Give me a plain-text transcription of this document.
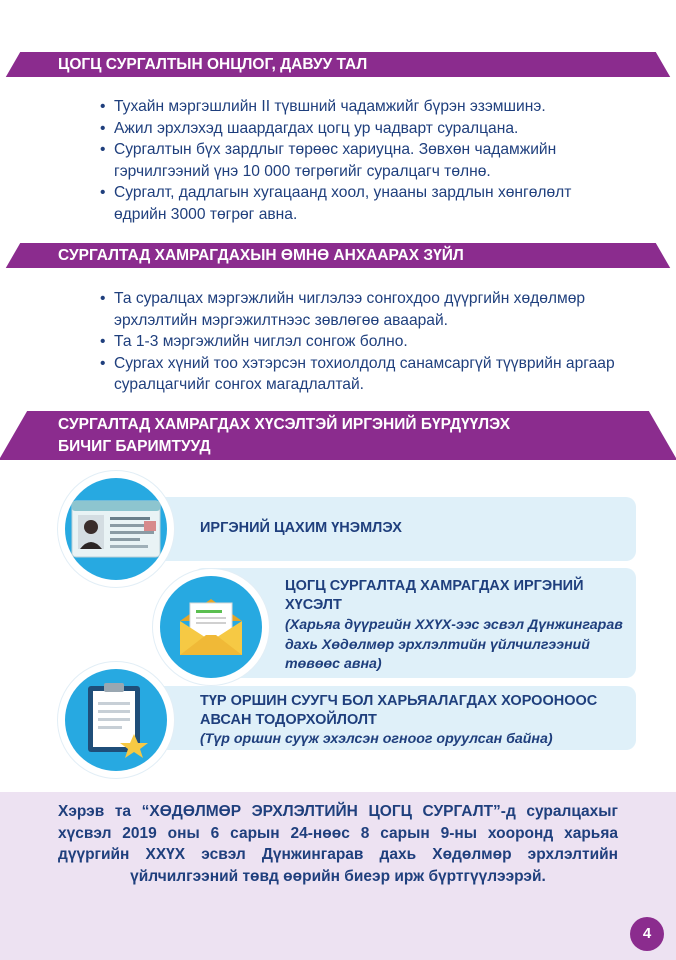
ЦОГЦ СУРГАЛТЫН ОНЦЛОГ, ДАВУУ ТАЛ
• Тухайн мэргэшлийн II түвшний чадамжийг бүрэн эзэмшинэ.
• Ажил эрхлэхэд шаардагдах цогц ур чадварт суралцана.
• Сургалтын бүх зардлыг төрөөс хариуцна. Зөвхөн чадамжийн гэрчилгээний үнэ 10 000 төгрөгийг суралцагч төлнө.
• Сургалт, дадлагын хугацаанд хоол, унааны зардлын хөнгөлөлт өдрийн 3000 төгрөг авна.
СУРГАЛТАД ХАМРАГДАХЫН ӨМНӨ АНХААРАХ ЗҮЙЛ
• Та суралцах мэргэжлийн чиглэлээ сонгохдоо дүүргийн хөдөлмөр эрхлэлтийн мэргэжилтнээс зөвлөгөө аваарай.
• Та 1-3 мэргэжлийн чиглэл сонгож болно.
• Сургах хүний тоо хэтэрсэн тохиолдолд санамсаргүй түүврийн аргаар суралцагчийг сонгох магадлалтай.
СУРГАЛТАД ХАМРАГДАХ ХҮСЭЛТЭЙ ИРГЭНИЙ БҮРДҮҮЛЭХ
БИЧИГ БАРИМТУУД
ИРГЭНИЙ ЦАХИМ ҮНЭМЛЭХ
ЦОГЦ СУРГАЛТАД ХАМРАГДАХ ИРГЭНИЙ ХҮСЭЛТ
(Харьяа дүүргийн ХХҮХ-ээс эсвэл Дүнжингарав дахь Хөдөлмөр эрхлэлтийн үйлчилгээний төвөөс авна)
ТҮР ОРШИН СУУГЧ БОЛ ХАРЬЯАЛАГДАХ ХОРООНООС АВСАН ТОДОРХОЙЛОЛТ
(Түр оршин суүж эхэлсэн огноог оруулсан байна)
Хэрэв та “ХӨДӨЛМӨР ЭРХЛЭЛТИЙН ЦОГЦ СУРГАЛТ”-д суралцахыг хүсвэл 2019 оны 6 сарын 24-нөөс 8 сарын 9-ны хооронд харьяа дүүргийн ХХҮХ эсвэл Дүнжингарав дахь Хөдөлмөр эрхлэлтийн үйлчилгээний төвд өөрийн биеэр ирж бүртгүүлээрэй.
4
